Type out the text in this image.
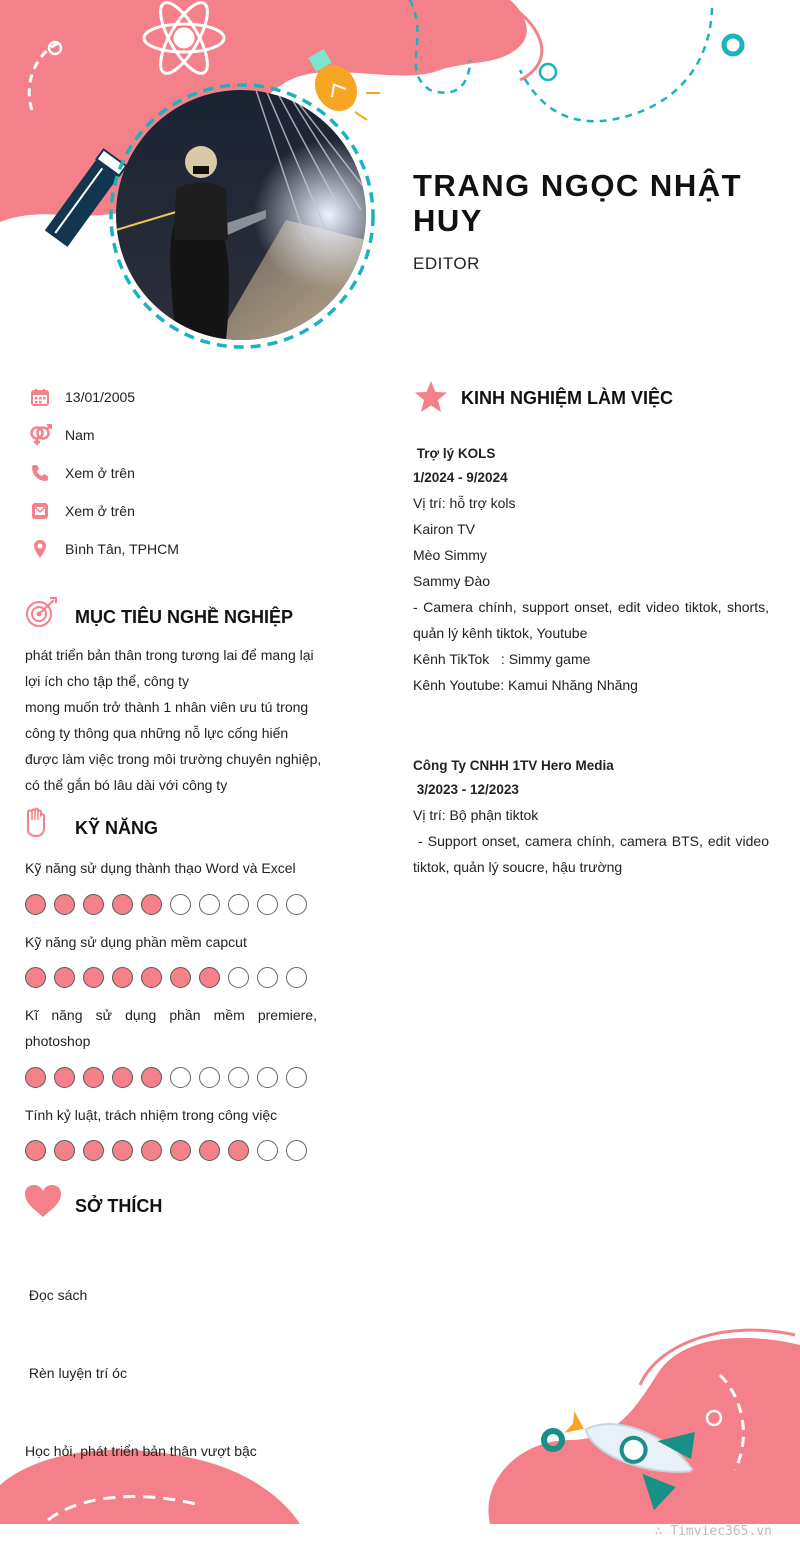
TRANG NGỌC NHẬT HUY
EDITOR
13/01/2005
Nam
Xem ở trên
Xem ở trên
Bình Tân, TPHCM
MỤC TIÊU NGHỀ NGHIỆP
phát triển bản thân trong tương lai để mang lại lợi ích cho tập thể, công ty
mong muốn trở thành 1 nhân viên ưu tú trong công ty thông qua những nỗ lực cống hiến
được làm việc trong môi trường chuyên nghiệp, có thể gắn bó lâu dài với công ty
KỸ NĂNG
Kỹ năng sử dụng thành thạo Word và Excel
Kỹ năng sử dụng phần mềm capcut
Kĩ năng sử dụng phần mềm premiere, photoshop
Tính kỷ luật, trách nhiệm trong công việc
SỞ THÍCH

Đọc sách

Rèn luyện trí óc

Học hỏi, phát triển bản thân vượt bậc

KINH NGHIỆM LÀM VIỆC
Trợ lý KOLS
1/2024 - 9/2024
Vị trí: hỗ trợ kols
Kairon TV
Mèo Simmy
Sammy Đào
- Camera chính, support onset, edit video tiktok, shorts, quản lý kênh tiktok, Youtube
Kênh TikTok   : Simmy game
Kênh Youtube: Kamui Nhăng Nhăng
Công Ty CNHH 1TV Hero Media
3/2023 - 12/2023
Vị trí: Bộ phận tiktok
- Support onset, camera chính, camera BTS, edit video tiktok, quản lý soucre, hậu trường
∴ Timviec365.vn
